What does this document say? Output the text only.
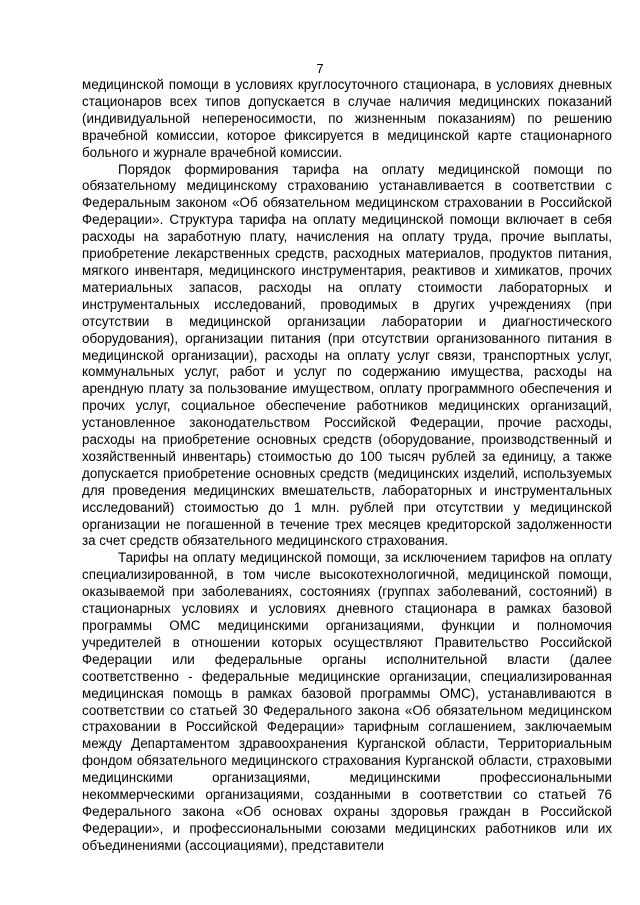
7

медицинской помощи в условиях круглосуточного стационара, в условиях дневных стационаров всех типов допускается в случае наличия медицинских показаний (индивидуальной непереносимости, по жизненным показаниям) по решению врачебной комиссии, которое фиксируется в медицинской карте стационарного больного и журнале врачебной комиссии.

Порядок формирования тарифа на оплату медицинской помощи по обязательному медицинскому страхованию устанавливается в соответствии с Федеральным законом «Об обязательном медицинском страховании в Российской Федерации». Структура тарифа на оплату медицинской помощи включает в себя расходы на заработную плату, начисления на оплату труда, прочие выплаты, приобретение лекарственных средств, расходных материалов, продуктов питания, мягкого инвентаря, медицинского инструментария, реактивов и химикатов, прочих материальных запасов, расходы на оплату стоимости лабораторных и инструментальных исследований, проводимых в других учреждениях (при отсутствии в медицинской организации лаборатории и диагностического оборудования), организации питания (при отсутствии организованного питания в медицинской организации), расходы на оплату услуг связи, транспортных услуг, коммунальных услуг, работ и услуг по содержанию имущества, расходы на арендную плату за пользование имуществом, оплату программного обеспечения и прочих услуг, социальное обеспечение работников медицинских организаций, установленное законодательством Российской Федерации, прочие расходы, расходы на приобретение основных средств (оборудование, производственный и хозяйственный инвентарь) стоимостью до 100 тысяч рублей за единицу, а также допускается приобретение основных средств (медицинских изделий, используемых для проведения медицинских вмешательств, лабораторных и инструментальных исследований) стоимостью до 1 млн. рублей при отсутствии у медицинской организации не погашенной в течение трех месяцев кредиторской задолженности за счет средств обязательного медицинского страхования.

Тарифы на оплату медицинской помощи, за исключением тарифов на оплату специализированной, в том числе высокотехнологичной, медицинской помощи, оказываемой при заболеваниях, состояниях (группах заболеваний, состояний) в стационарных условиях и условиях дневного стационара в рамках базовой программы ОМС медицинскими организациями, функции и полномочия учредителей в отношении которых осуществляют Правительство Российской Федерации или федеральные органы исполнительной власти (далее соответственно - федеральные медицинские организации, специализированная медицинская помощь в рамках базовой программы ОМС), устанавливаются в соответствии со статьей 30 Федерального закона «Об обязательном медицинском страховании в Российской Федерации» тарифным соглашением, заключаемым между Департаментом здравоохранения Курганской области, Территориальным фондом обязательного медицинского страхования Курганской области, страховыми медицинскими организациями, медицинскими профессиональными некоммерческими организациями, созданными в соответствии со статьей 76 Федерального закона «Об основах охраны здоровья граждан в Российской Федерации», и профессиональными союзами медицинских работников или их объединениями (ассоциациями), представители
